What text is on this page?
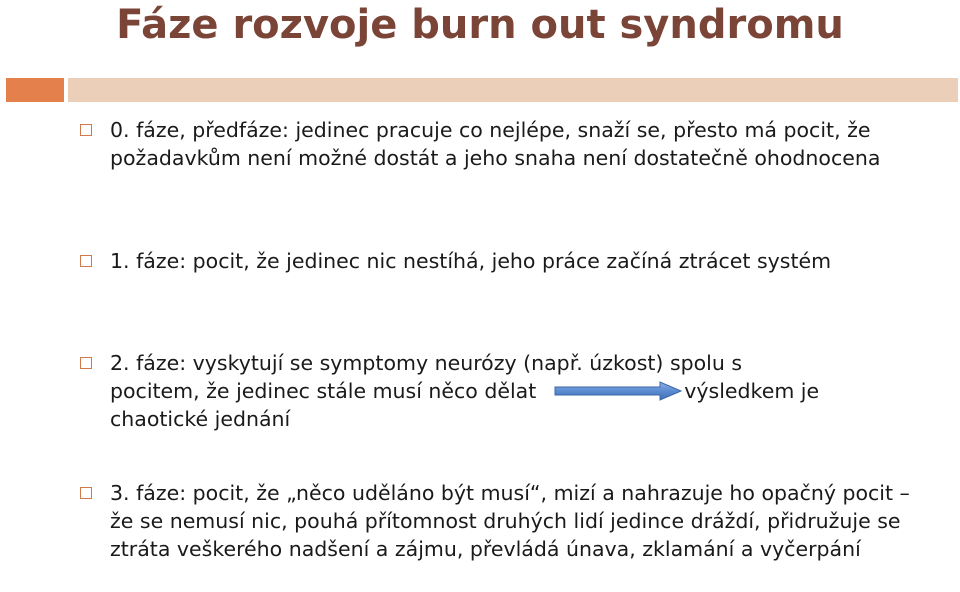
Fáze rozvoje burn out syndromu

0. fáze, předfáze: jedinec pracuje co nejlépe, snaží se, přesto má pocit, že požadavkům není možné dostát a jeho snaha není dostatečně ohodnocena

1. fáze: pocit, že jedinec nic nestíhá, jeho práce začíná ztrácet systém

2. fáze: vyskytují se symptomy neurózy (např. úzkost) spolu s
pocitem, že jedinec stále musí něco dělat	výsledkem je
chaotické jednání

3. fáze: pocit, že „něco uděláno být musí“, mizí a nahrazuje ho opačný pocit – že se nemusí nic, pouhá přítomnost druhých lidí jedince dráždí, přidružuje se ztráta veškerého nadšení a zájmu, převládá únava, zklamání a vyčerpání
